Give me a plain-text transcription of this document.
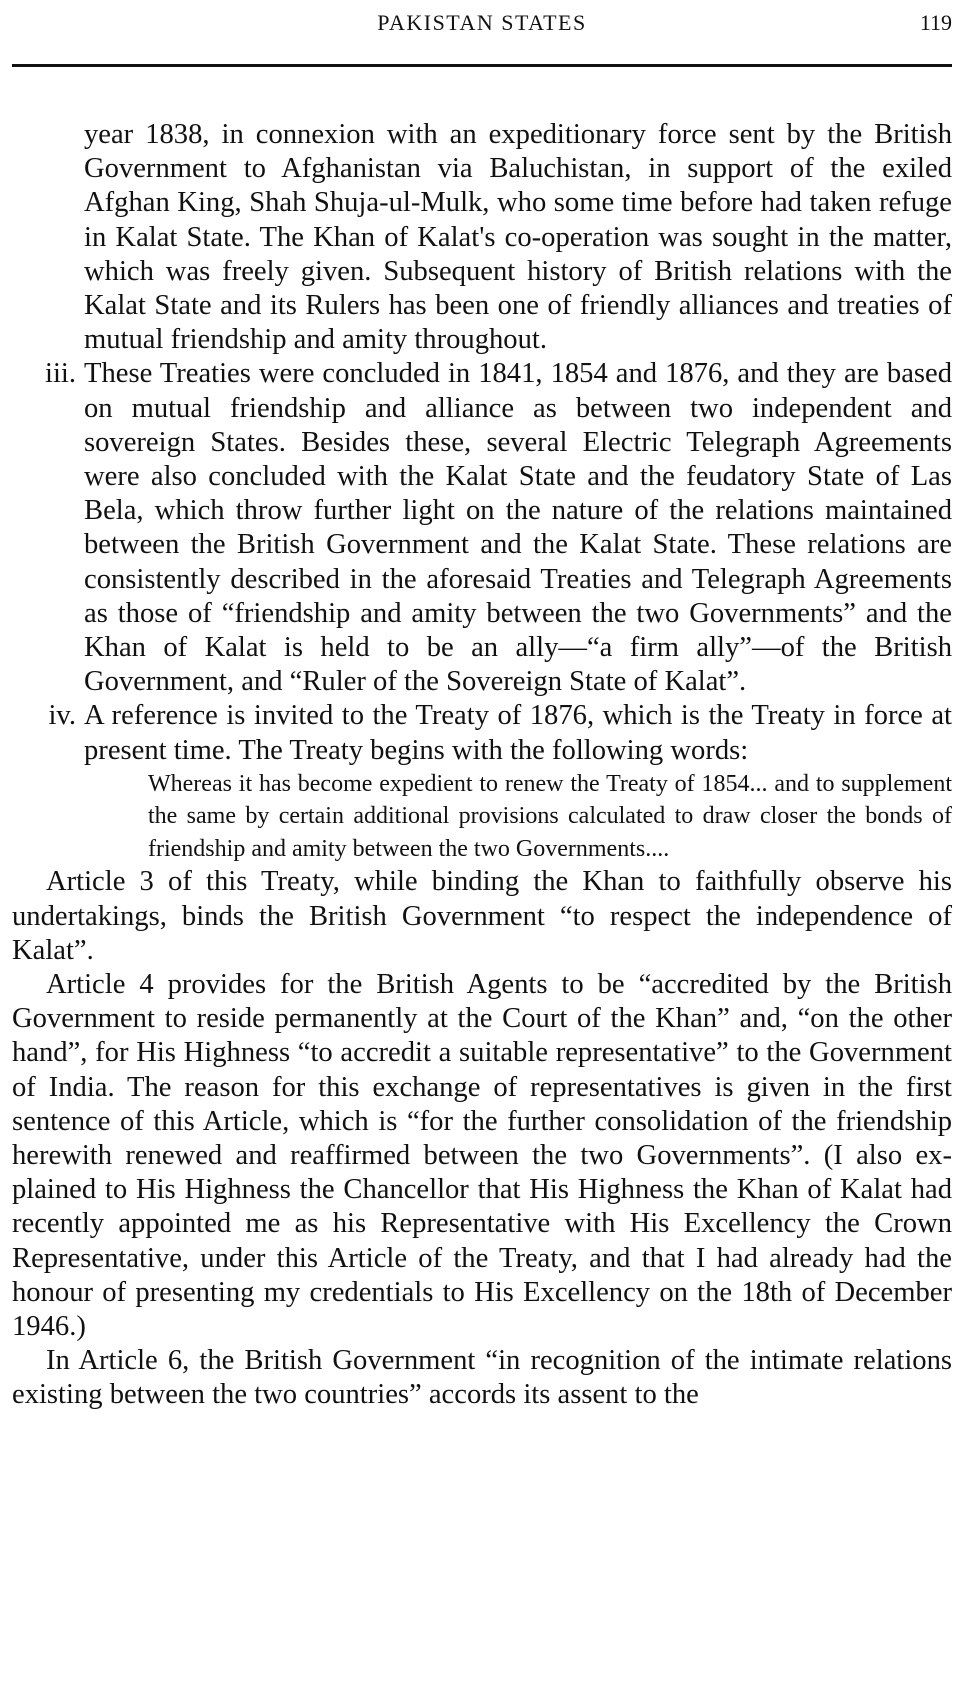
PAKISTAN STATES	119

year 1838, in connexion with an expeditionary force sent by the British Government to Afghanistan via Baluchistan, in support of the exiled Afghan King, Shah Shuja-ul-Mulk, who some time before had taken refuge in Kalat State. The Khan of Kalat's co-operation was sought in the matter, which was freely given. Subsequent history of British relations with the Kalat State and its Rulers has been one of friendly alliances and treaties of mutual friendship and amity throughout.

iii. These Treaties were concluded in 1841, 1854 and 1876, and they are based on mutual friendship and alliance as between two independent and sovereign States. Besides these, several Electric Telegraph Agreements were also concluded with the Kalat State and the feudatory State of Las Bela, which throw further light on the nature of the relations maintained between the British Government and the Kalat State. These relations are consistently described in the aforesaid Treaties and Telegraph Agreements as those of “friendship and amity between the two Governments” and the Khan of Kalat is held to be an ally—“a firm ally”—of the British Government, and “Ruler of the Sovereign State of Kalat”.
iv. A reference is invited to the Treaty of 1876, which is the Treaty in force at present time. The Treaty begins with the following words:

Whereas it has become expedient to renew the Treaty of 1854... and to supplement the same by certain additional provisions calculated to draw closer the bonds of friendship and amity between the two Governments....

Article 3 of this Treaty, while binding the Khan to faithfully observe his undertakings, binds the British Government “to respect the independence of Kalat”.

Article 4 provides for the British Agents to be “accredited by the British Government to reside permanently at the Court of the Khan” and, “on the other hand”, for His Highness “to accredit a suitable representative” to the Government of India. The reason for this exchange of representatives is given in the first sentence of this Article, which is “for the further consolidation of the friendship herewith renewed and reaffirmed between the two Governments”. (I also explained to His Highness the Chancellor that His Highness the Khan of Kalat had recently appointed me as his Representative with His Excellency the Crown Representative, under this Article of the Treaty, and that I had already had the honour of presenting my credentials to His Excellency on the 18th of December 1946.)

In Article 6, the British Government “in recognition of the intimate relations existing between the two countries” accords its assent to the
